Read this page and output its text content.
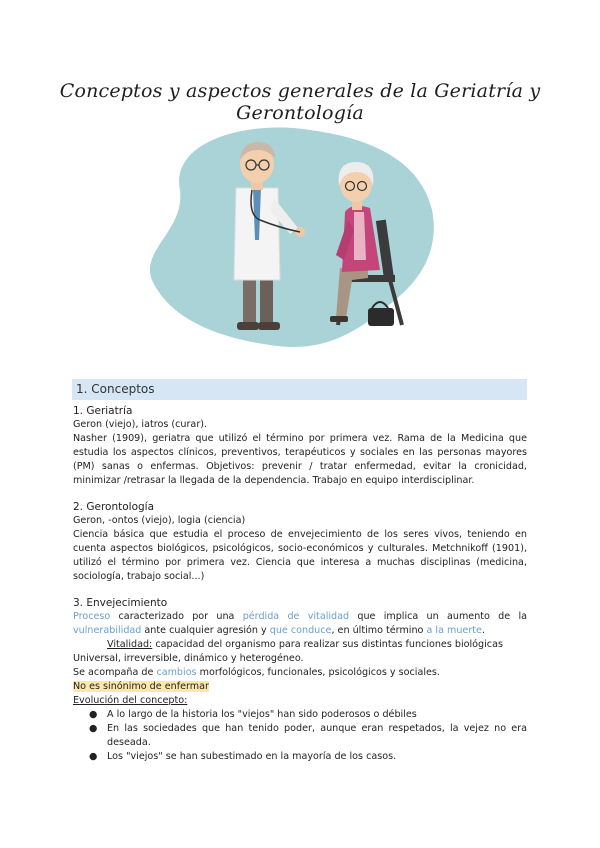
Conceptos y aspectos generales de la Geriatría y Gerontología
1. Conceptos

1. Geriatría

Geron (viejo), iatros (curar).

Nasher (1909), geriatra que utilizó el término por primera vez. Rama de la Medicina que estudia los aspectos clínicos, preventivos, terapéuticos y sociales en las personas mayores (PM) sanas o enfermas. Objetivos: prevenir / tratar enfermedad, evitar la cronicidad, minimizar /retrasar la llegada de la dependencia. Trabajo en equipo interdisciplinar.

2. Gerontología

Geron, -ontos (viejo), logia (ciencia)

Ciencia básica que estudia el proceso de envejecimiento de los seres vivos, teniendo en cuenta aspectos biológicos, psicológicos, socio-económicos y culturales. Metchnikoff (1901), utilizó el término por primera vez. Ciencia que interesa a muchas disciplinas (medicina, sociología, trabajo social...)

3. Envejecimiento

Proceso caracterizado por una pérdida de vitalidad que implica un aumento de la vulnerabilidad ante cualquier agresión y que conduce, en último término a la muerte.

Vitalidad: capacidad del organismo para realizar sus distintas funciones biológicas

Universal, irreversible, dinámico y heterogéneo.

Se acompaña de cambios morfológicos, funcionales, psicológicos y sociales.

No es sinónimo de enfermar

Evolución del concepto:

● A lo largo de la historia los "viejos" han sido poderosos o débiles
● En las sociedades que han tenido poder, aunque eran respetados, la vejez no era deseada.
● Los "viejos" se han subestimado en la mayoría de los casos.
